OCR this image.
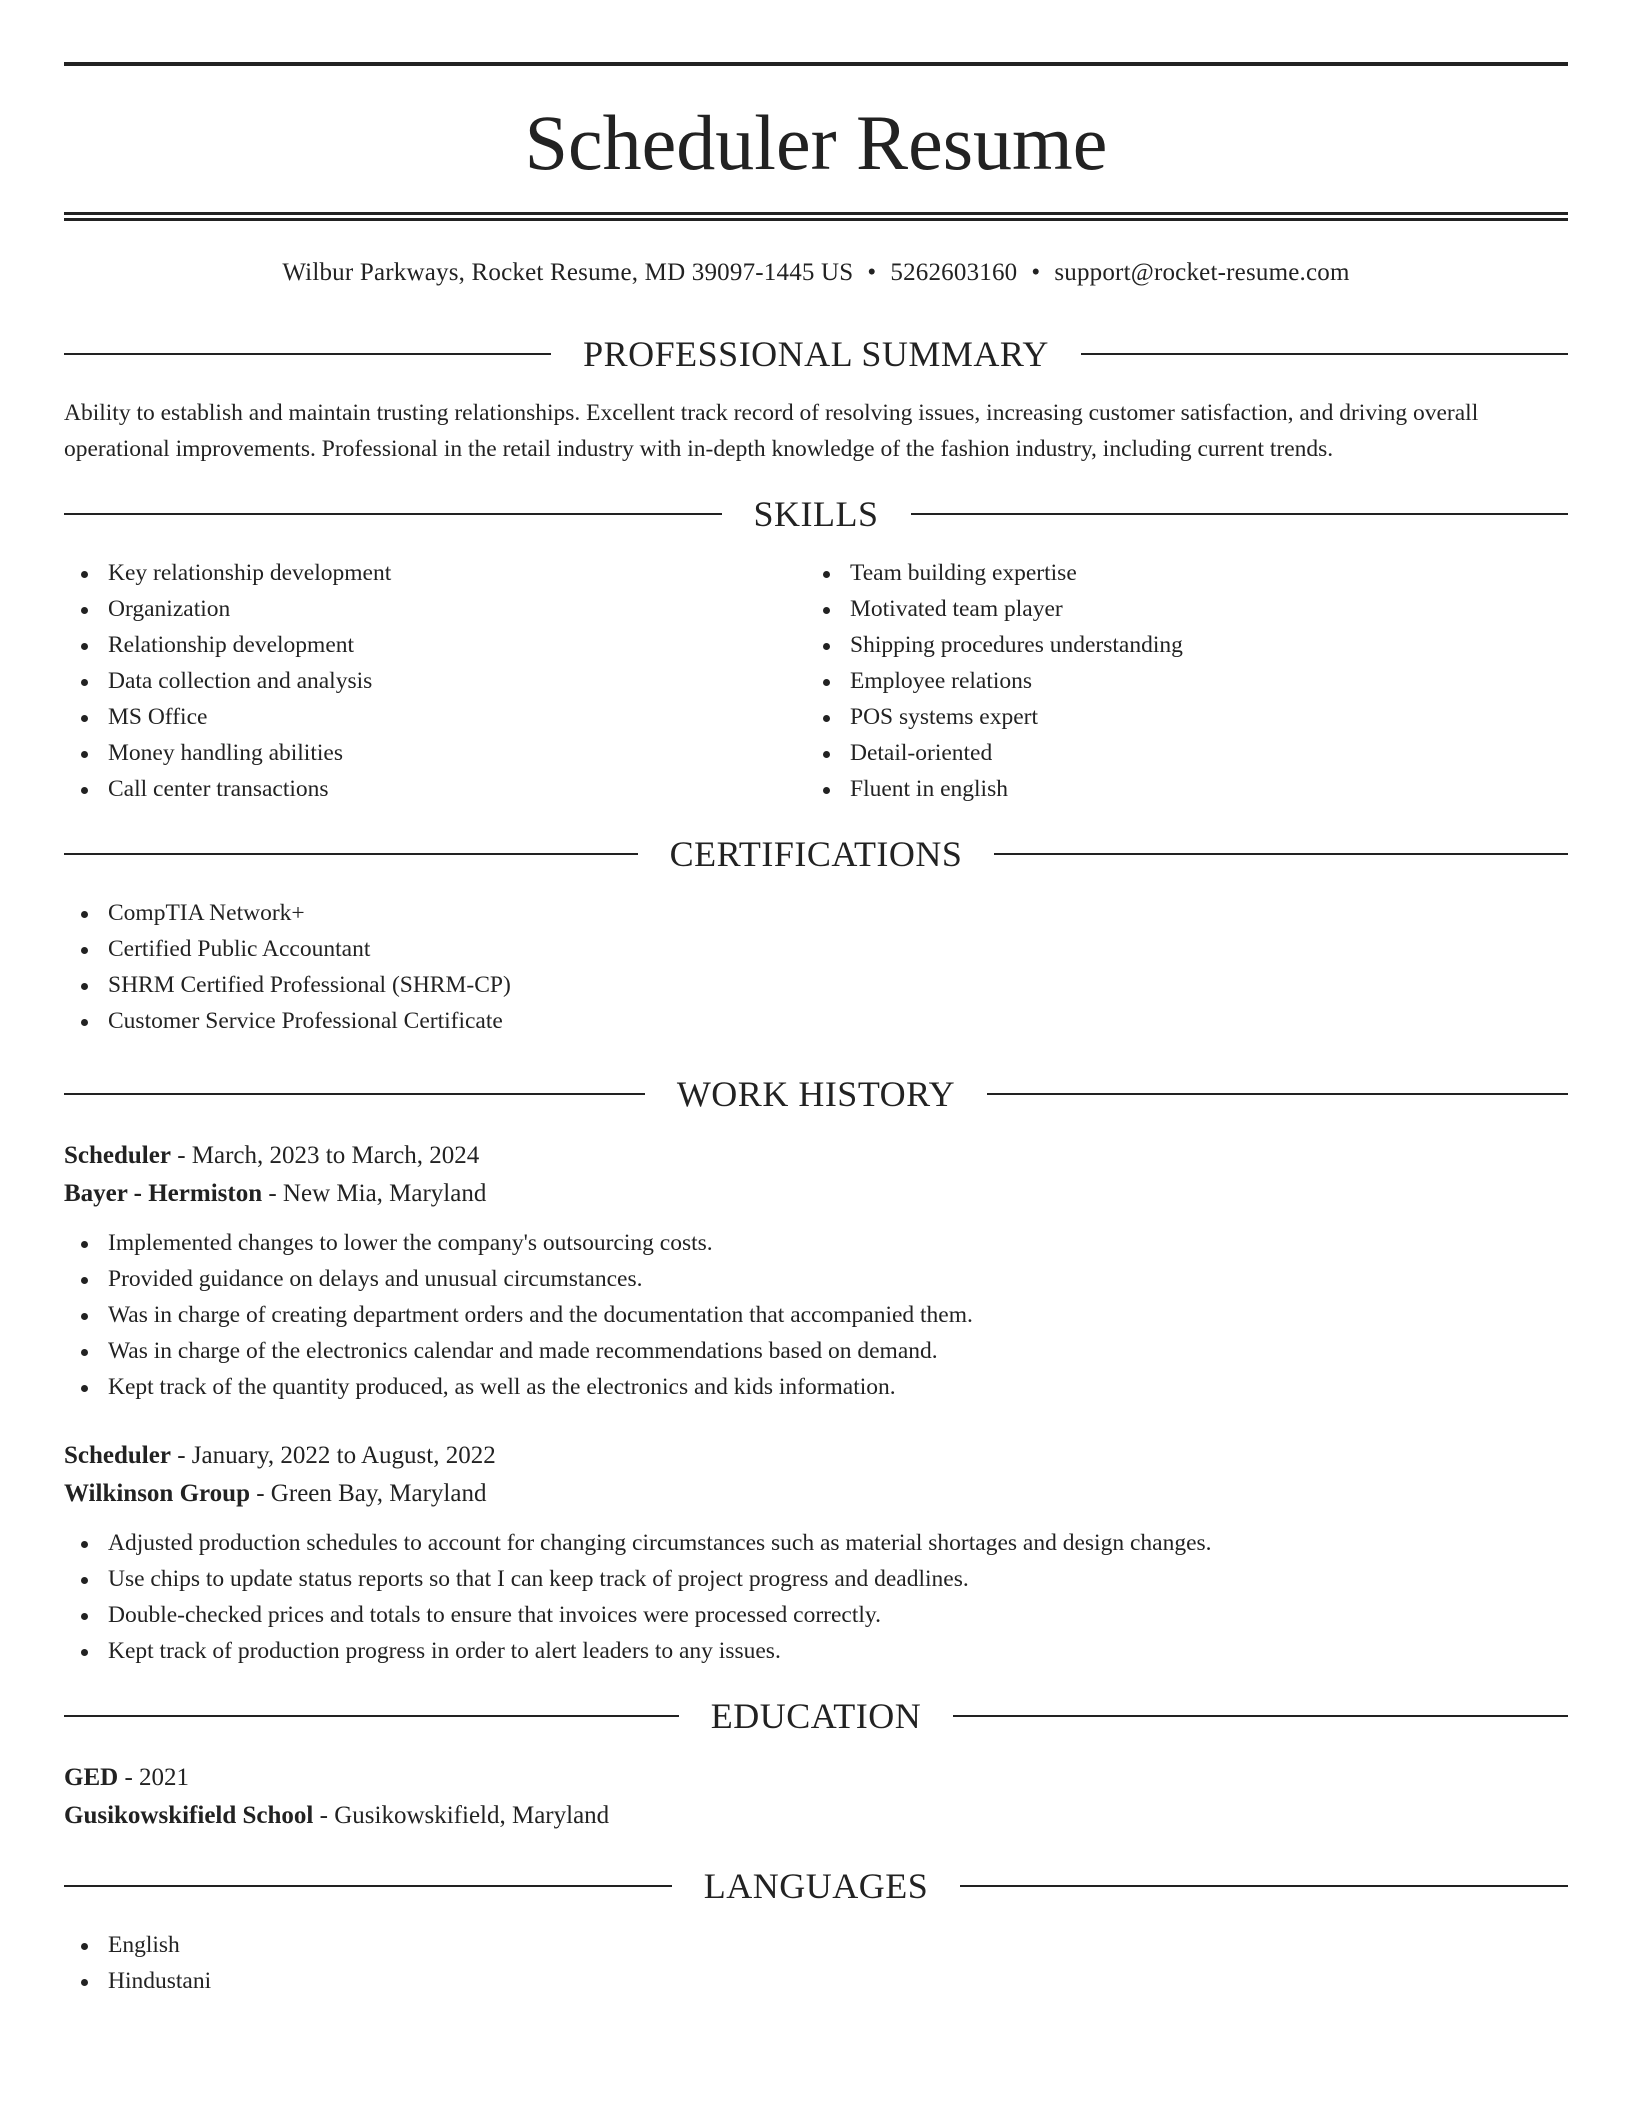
Scheduler Resume
Wilbur Parkways, Rocket Resume, MD 39097-1445 US • 5262603160 • support@rocket-resume.com
PROFESSIONAL SUMMARY

Ability to establish and maintain trusting relationships. Excellent track record of resolving issues, increasing customer satisfaction, and driving overall operational improvements. Professional in the retail industry with in-depth knowledge of the fashion industry, including current trends.

SKILLS
Key relationship development
Organization
Relationship development
Data collection and analysis
MS Office
Money handling abilities
Call center transactions
Team building expertise
Motivated team player
Shipping procedures understanding
Employee relations
POS systems expert
Detail-oriented
Fluent in english
CERTIFICATIONS
CompTIA Network+
Certified Public Accountant
SHRM Certified Professional (SHRM-CP)
Customer Service Professional Certificate
WORK HISTORY
Scheduler - March, 2023 to March, 2024
Bayer - Hermiston - New Mia, Maryland
Implemented changes to lower the company's outsourcing costs.
Provided guidance on delays and unusual circumstances.
Was in charge of creating department orders and the documentation that accompanied them.
Was in charge of the electronics calendar and made recommendations based on demand.
Kept track of the quantity produced, as well as the electronics and kids information.
Scheduler - January, 2022 to August, 2022
Wilkinson Group - Green Bay, Maryland
Adjusted production schedules to account for changing circumstances such as material shortages and design changes.
Use chips to update status reports so that I can keep track of project progress and deadlines.
Double-checked prices and totals to ensure that invoices were processed correctly.
Kept track of production progress in order to alert leaders to any issues.
EDUCATION
GED - 2021
Gusikowskifield School - Gusikowskifield, Maryland
LANGUAGES
English
Hindustani
